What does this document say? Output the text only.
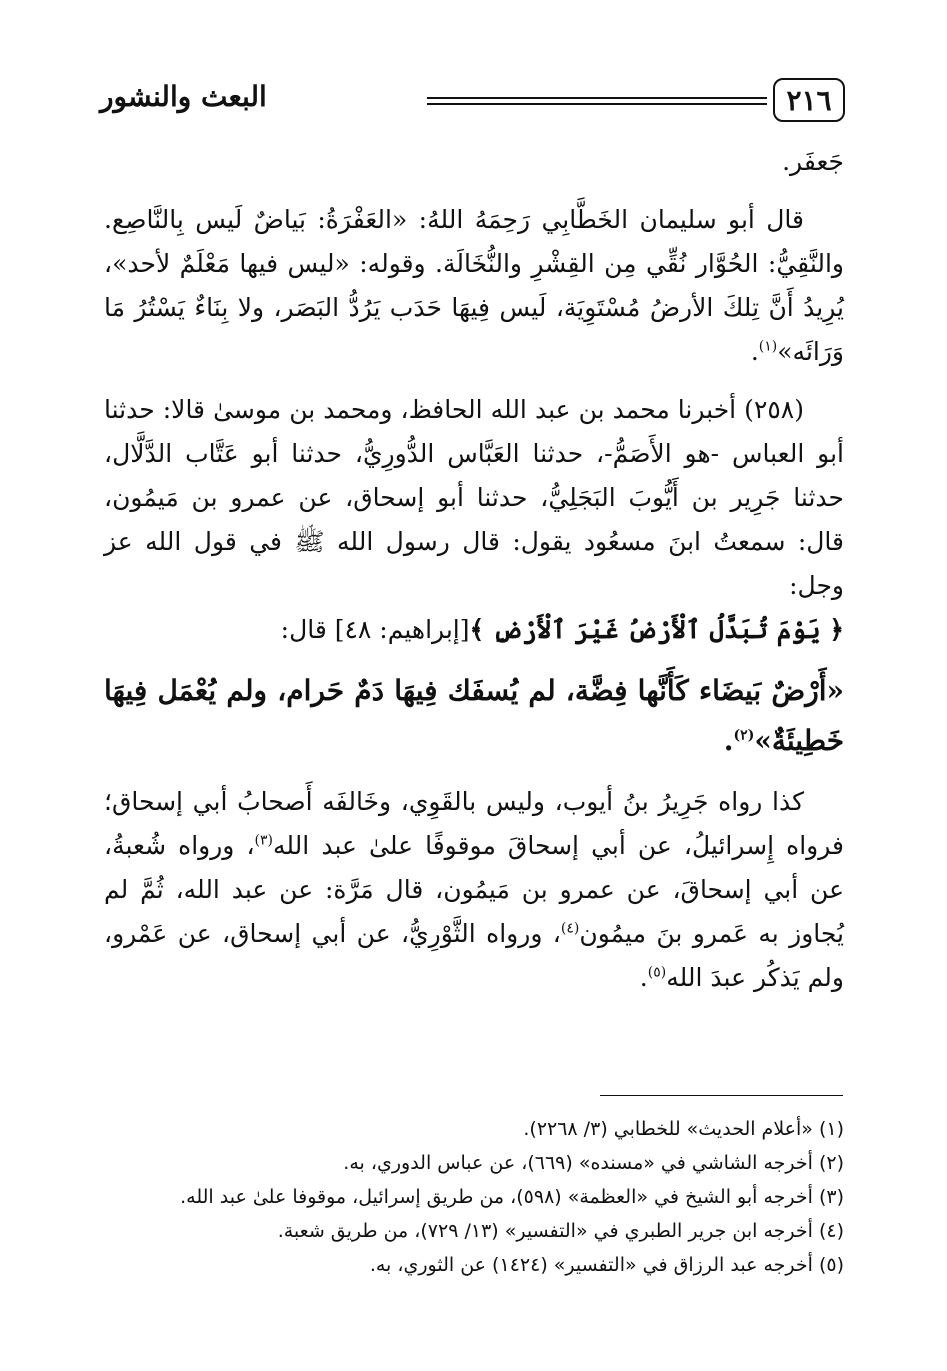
٢١٦
البعث والنشور

جَعفَر.

قال أبو سليمان الخَطَّابِي رَحِمَهُ اللهُ: «العَفْرَةُ: بَياضٌ لَيس بِالنَّاصِع. والنَّقِيُّ: الحُوَّار نُقِّي مِن القِشْرِ والنُّخَالَة. وقوله: «ليس فيها مَعْلَمٌ لأحد»، يُرِيدُ أَنَّ تِلكَ الأرضُ مُسْتَوِيَة، لَيس فِيهَا حَدَب يَرُدُّ البَصَر، ولا بِنَاءٌ يَسْتُرُ مَا وَرَائَه»$^{(١)}$.

(٢٥٨) أخبرنا محمد بن عبد الله الحافظ، ومحمد بن موسىٰ قالا: حدثنا أبو العباس -هو الأَصَمُّ-، حدثنا العَبَّاس الدُّورِيُّ، حدثنا أبو عَتَّاب الدَّلَّال، حدثنا جَرِير بن أَيُّوبَ البَجَلِيُّ، حدثنا أبو إسحاق، عن عمرو بن مَيمُون، قال: سمعتُ ابنَ مسعُود يقول: قال رسول الله ﷺ في قول الله عز وجل:
﴿ يَوْمَ تُبَدَّلُ ٱلْأَرْضُ غَيْرَ ٱلْأَرْضِ ﴾[إبراهيم: ٤٨] قال:

«أَرْضٌ بَيضَاء كَأَنَّها فِضَّة، لم يُسفَك فِيهَا دَمٌ حَرام، ولم يُعْمَل فِيهَا خَطِيئَةٌ»$^{(٢)}$.

كذا رواه جَرِيرُ بنُ أيوب، وليس بالقَوِي، وخَالفَه أَصحابُ أبي إسحاق؛ فرواه إِسرائيلُ، عن أبي إسحاقَ موقوفًا علىٰ عبد الله$^{(٣)}$، ورواه شُعبةُ، عن أبي إسحاقَ، عن عمرو بن مَيمُون، قال مَرَّة: عن عبد الله، ثُمَّ لم يُجاوز به عَمرو بنَ ميمُون$^{(٤)}$، ورواه الثَّوْرِيُّ، عن أبي إسحاق، عن عَمْرو، ولم يَذكُر عبدَ الله$^{(٥)}$.

(١) «أعلام الحديث» للخطابي (٣/ ٢٢٦٨).
(٢) أخرجه الشاشي في «مسنده» (٦٦٩)، عن عباس الدوري، به.
(٣) أخرجه أبو الشيخ في «العظمة» (٥٩٨)، من طريق إسرائيل، موقوفا علىٰ عبد الله.
(٤) أخرجه ابن جرير الطبري في «التفسير» (١٣/ ٧٢٩)، من طريق شعبة.
(٥) أخرجه عبد الرزاق في «التفسير» (١٤٢٤) عن الثوري، به.
